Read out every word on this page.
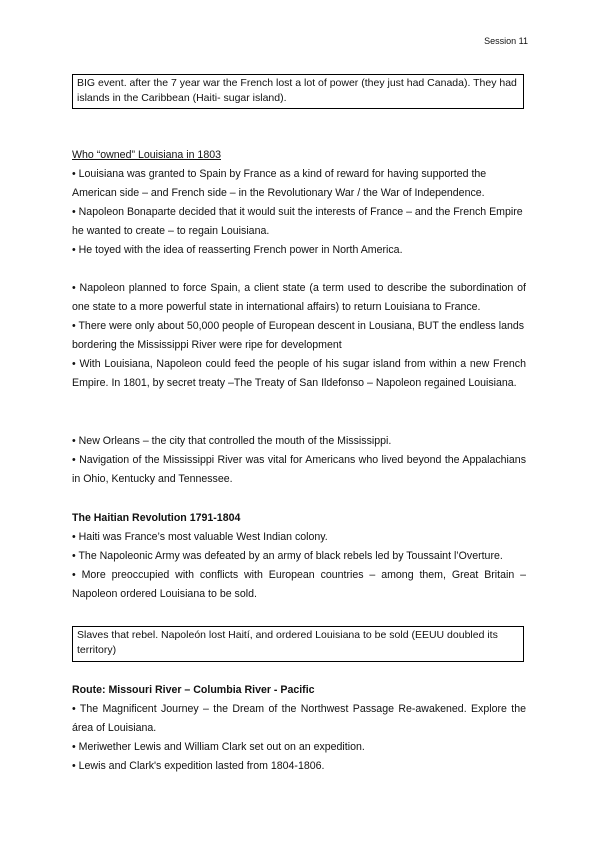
Session 11
BIG event. after the 7 year war the French lost a lot of power (they just had Canada). They had islands in the Caribbean (Haiti- sugar island).
Who “owned” Louisiana in 1803
• Louisiana was granted to Spain by France as a kind of reward for having supported the American side – and French side – in the Revolutionary War / the War of Independence.
• Napoleon Bonaparte decided that it would suit the interests of France – and the French Empire he wanted to create – to regain Louisiana.
• He toyed with the idea of reasserting French power in North America.
• Napoleon planned to force Spain, a client state (a term used to describe the subordination of one state to a more powerful state in international affairs) to return Louisiana to France.
• There were only about 50,000 people of European descent in Lousiana, BUT the endless lands bordering the Mississippi River were ripe for development
• With Louisiana, Napoleon could feed the people of his sugar island from within a new French Empire. In 1801, by secret treaty –The Treaty of San Ildefonso – Napoleon regained Louisiana.
• New Orleans – the city that controlled the mouth of the Mississippi.
• Navigation of the Mississippi River was vital for Americans who lived beyond the Appalachians in Ohio, Kentucky and Tennessee.
The Haitian Revolution 1791-1804
• Haiti was France’s most valuable West Indian colony.
• The Napoleonic Army was defeated by an army of black rebels led by Toussaint l’Overture.
• More preoccupied with conflicts with European countries – among them, Great Britain – Napoleon ordered Louisiana to be sold.
Slaves that rebel. Napoleón lost Haití, and ordered Louisiana to be sold (EEUU doubled its territory)
Route: Missouri River – Columbia River - Pacific
• The Magnificent Journey – the Dream of the Northwest Passage Re-awakened. Explore the área of Louisiana.
• Meriwether Lewis and William Clark set out on an expedition.
• Lewis and Clark's expedition lasted from 1804-1806.
